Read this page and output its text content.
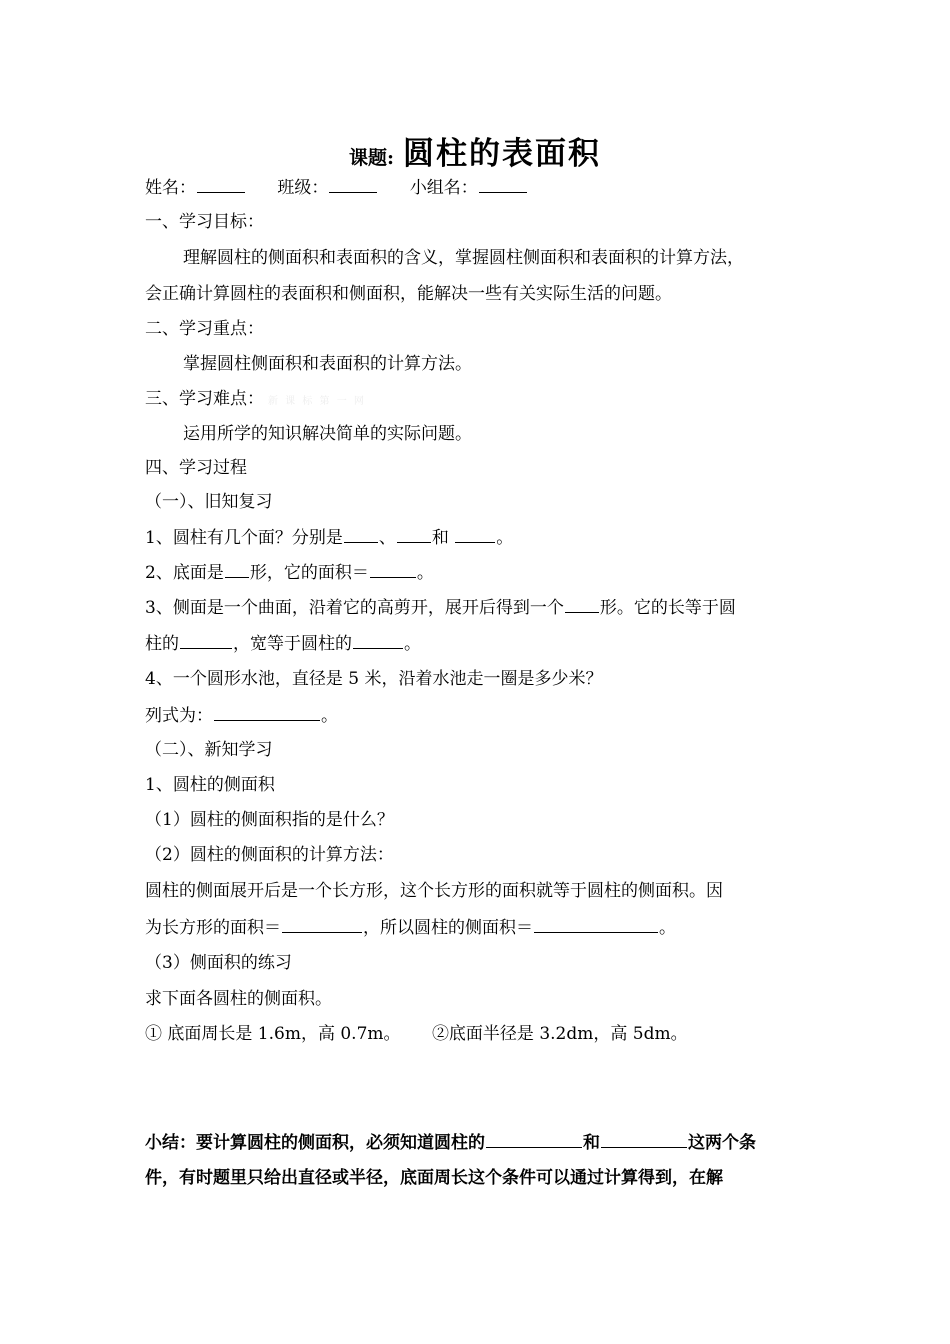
课题: 圆柱的表面积
姓名：	班级：	小组名：
一、学习目标：
理解圆柱的侧面积和表面积的含义，掌握圆柱侧面积和表面积的计算方法，
会正确计算圆柱的表面积和侧面积，能解决一些有关实际生活的问题。
二、学习重点：
掌握圆柱侧面积和表面积的计算方法。
三、学习难点： 新 课 标 第 一 网
运用所学的知识解决简单的实际问题。
四、学习过程
（一）、旧知复习
1、圆柱有几个面？分别是 、 和	。
2、底面是 形，它的面积＝	。
3、侧面是一个曲面，沿着它的高剪开，展开后得到一个 形。它的长等于圆
柱的	，宽等于圆柱的	。
4、一个圆形水池，直径是 5 米，沿着水池走一圈是多少米？
列式为：	。
（二）、新知学习
1、圆柱的侧面积
（1）圆柱的侧面积指的是什么？
（2）圆柱的侧面积的计算方法：
圆柱的侧面展开后是一个长方形，这个长方形的面积就等于圆柱的侧面积。因
为长方形的面积＝	，所以圆柱的侧面积＝	。
（3）侧面积的练习
求下面各圆柱的侧面积。
① 底面周长是 1.6m，高 0.7m。 ②底面半径是 3.2dm，高 5dm。
小结：要计算圆柱的侧面积，必须知道圆柱的	和	这两个条
件，有时题里只给出直径或半径，底面周长这个条件可以通过计算得到，在解
